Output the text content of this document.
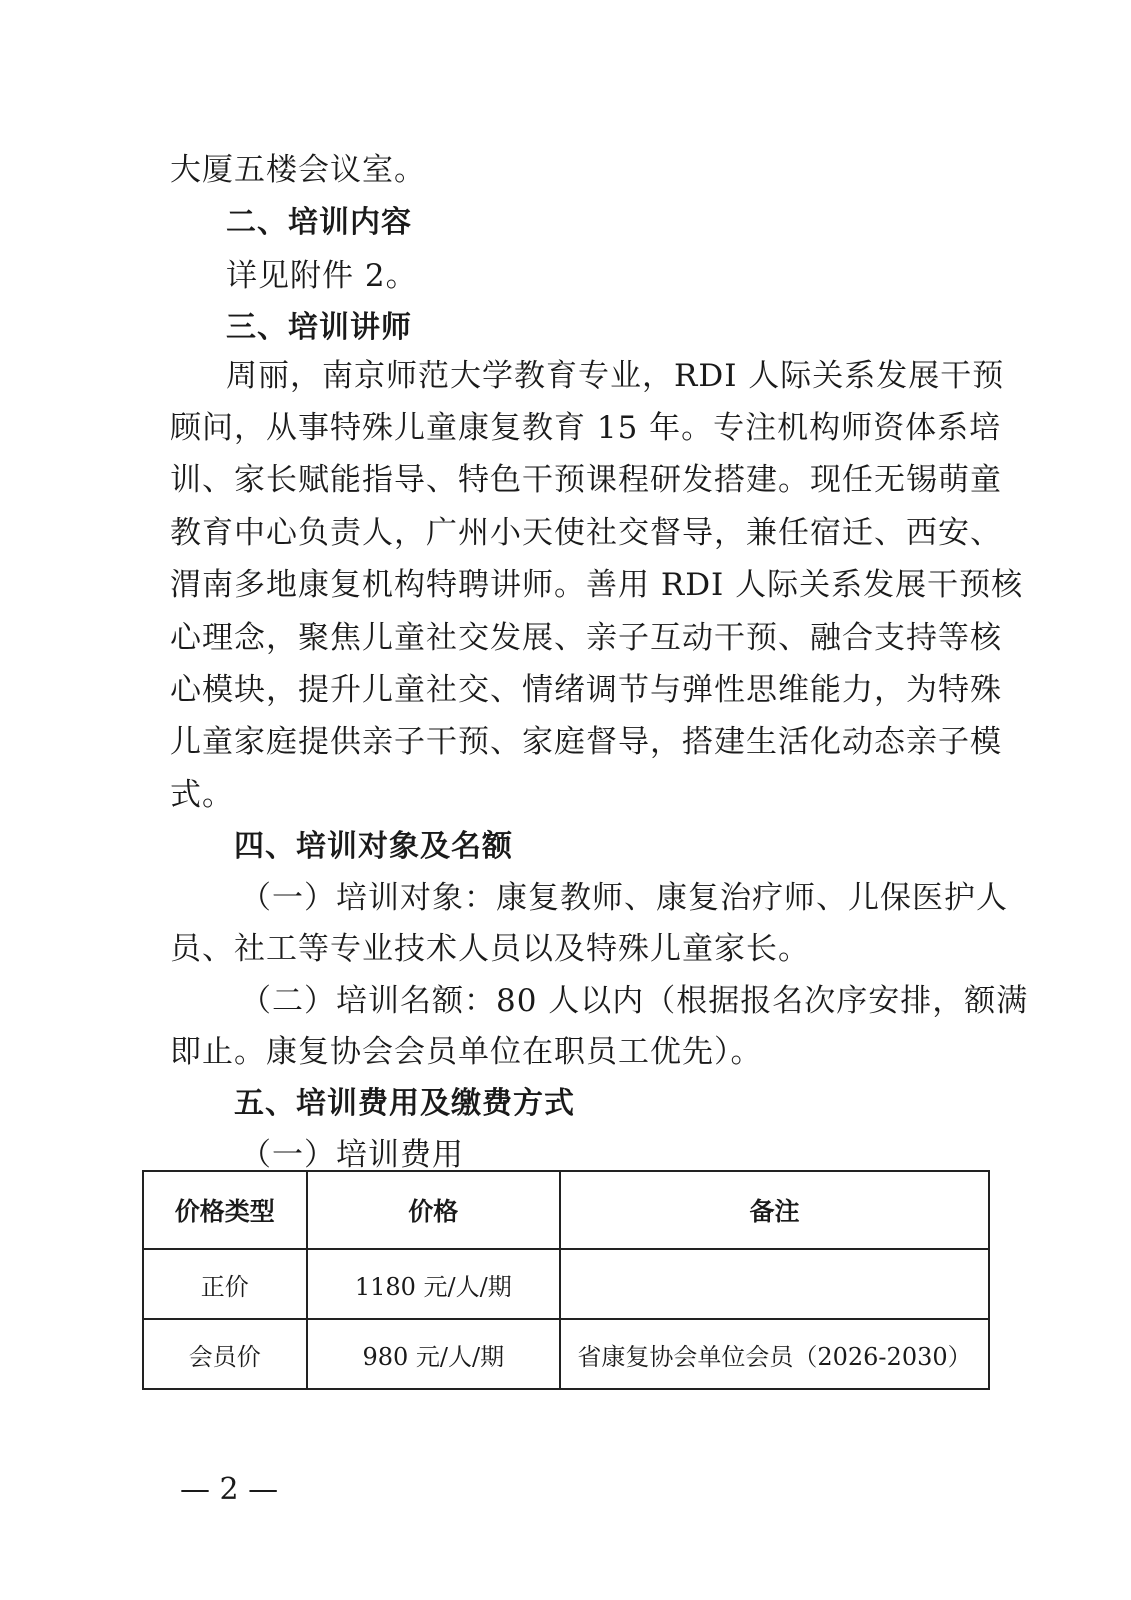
大厦五楼会议室。
二、培训内容
详见附件 2。
三、培训讲师
周丽，南京师范大学教育专业，RDI 人际关系发展干预
顾问，从事特殊儿童康复教育 15 年。专注机构师资体系培
训、家长赋能指导、特色干预课程研发搭建。现任无锡萌童
教育中心负责人，广州小天使社交督导，兼任宿迁、西安、
渭南多地康复机构特聘讲师。善用 RDI 人际关系发展干预核
心理念，聚焦儿童社交发展、亲子互动干预、融合支持等核
心模块，提升儿童社交、情绪调节与弹性思维能力，为特殊
儿童家庭提供亲子干预、家庭督导，搭建生活化动态亲子模
式。
四、培训对象及名额
（一）培训对象：康复教师、康复治疗师、儿保医护人
员、社工等专业技术人员以及特殊儿童家长。
（二）培训名额：80 人以内（根据报名次序安排，额满
即止。康复协会会员单位在职员工优先）。
五、培训费用及缴费方式
（一）培训费用
价格类型	价格	备注
正价	1180 元/人/期	
会员价	980 元/人/期	省康复协会单位会员（2026-2030）
— 2 —
